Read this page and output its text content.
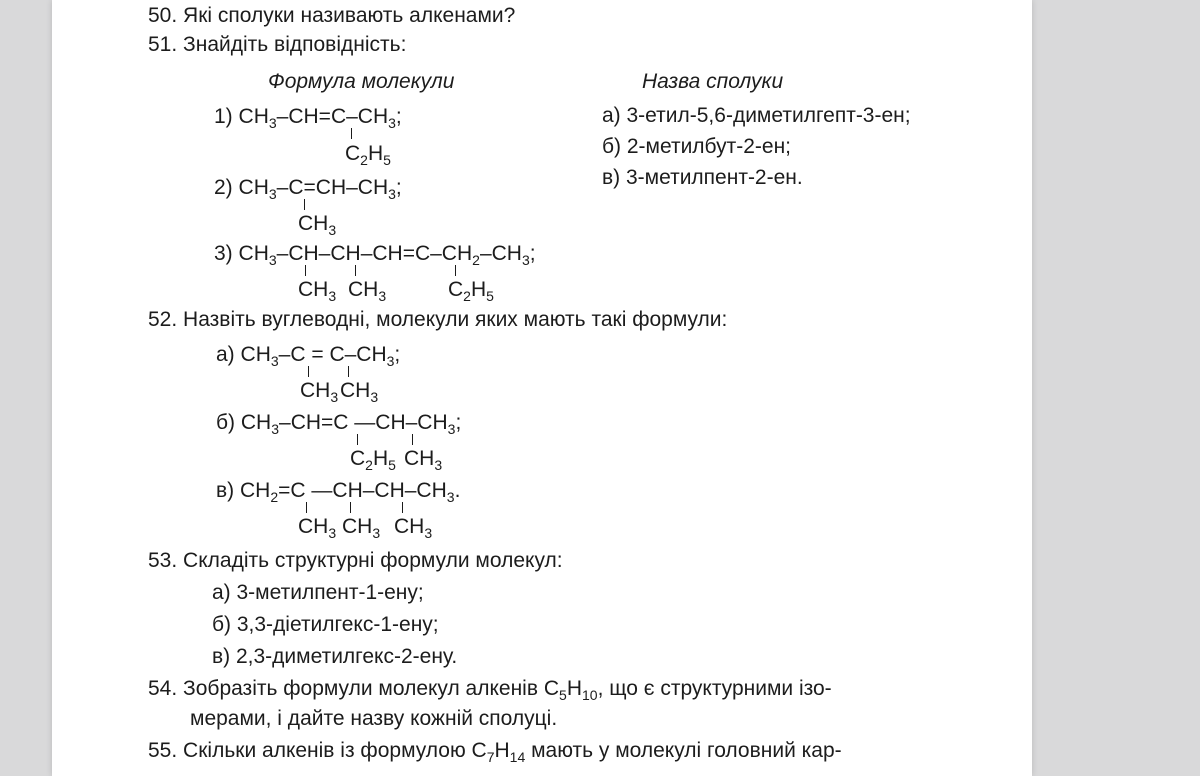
50. Які сполуки називають алкенами?
51. Знайдіть відповідність:
Формула молекули	Назва сполуки
1) $CH_3-CH=C-CH_3$;
$C_2H_5$
2) $CH_3-C=CH-CH_3$;
$CH_3$
3) $CH_3-CH-CH-CH=C-CH_2-CH_3$;
$CH_3$ $CH_3$	$C_2H_5$
а) 3-етил-5,6-диметилгепт-3-ен;
б) 2-метилбут-2-ен;
в) 3-метилпент-2-ен.
52. Назвіть вуглеводні, молекули яких мають такі формули:
а) $CH_3-C = C-CH_3$;
$CH_3$ $CH_3$
б) $CH_3-CH=C$ $—CH-CH_3$;
$C_2H_5$ $CH_3$
в) $CH_2=C$ $—CH-CH-CH_3$.
$CH_3$ $CH_3$ $CH_3$
53. Складіть структурні формули молекул:
а) 3-метилпент-1-ену;
б) 3,3-діетилгекс-1-ену;
в) 2,3-диметилгекс-2-ену.
54. Зобразіть формули молекул алкенів $C_5H_{10}$, що є структурними ізо-
мерами, і дайте назву кожній сполуці.
55. Скільки алкенів із формулою $C_7H_{14}$ мають у молекулі головний кар-
